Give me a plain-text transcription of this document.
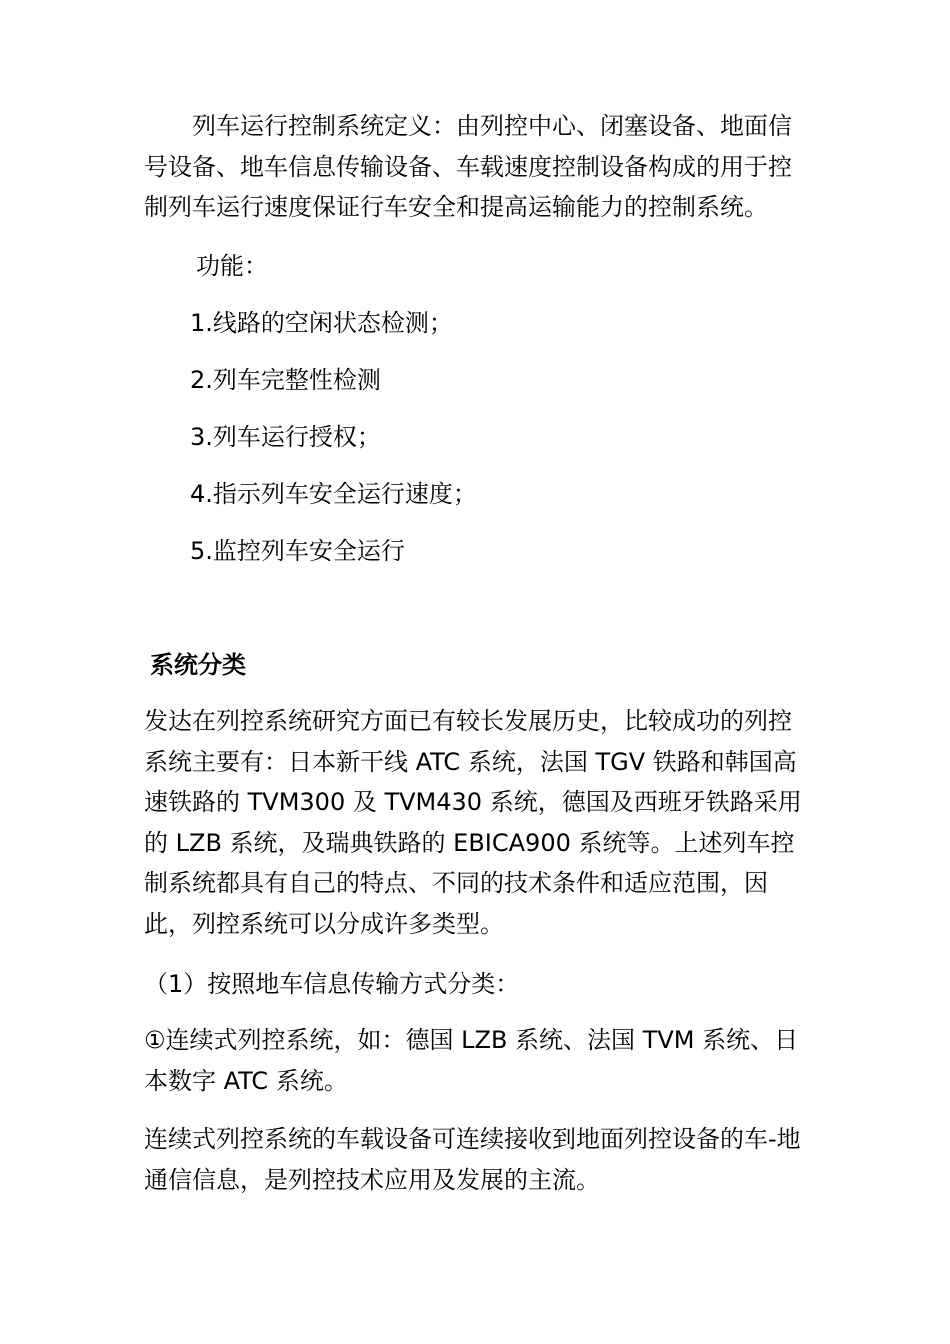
列车运行控制系统定义：由列控中心、闭塞设备、地面信号设备、地车信息传输设备、车载速度控制设备构成的用于控制列车运行速度保证行车安全和提高运输能力的控制系统。

功能：

1.线路的空闲状态检测；

2.列车完整性检测

3.列车运行授权；

4.指示列车安全运行速度；

5.监控列车安全运行

系统分类

发达在列控系统研究方面已有较长发展历史，比较成功的列控系统主要有：日本新干线 ATC 系统，法国 TGV 铁路和韩国高速铁路的 TVM300 及 TVM430 系统，德国及西班牙铁路采用的 LZB 系统，及瑞典铁路的 EBICA900 系统等。上述列车控制系统都具有自己的特点、不同的技术条件和适应范围，因此，列控系统可以分成许多类型。

（1）按照地车信息传输方式分类：

①连续式列控系统，如：德国 LZB 系统、法国 TVM 系统、日本数字 ATC 系统。

连续式列控系统的车载设备可连续接收到地面列控设备的车-地通信信息，是列控技术应用及发展的主流。
